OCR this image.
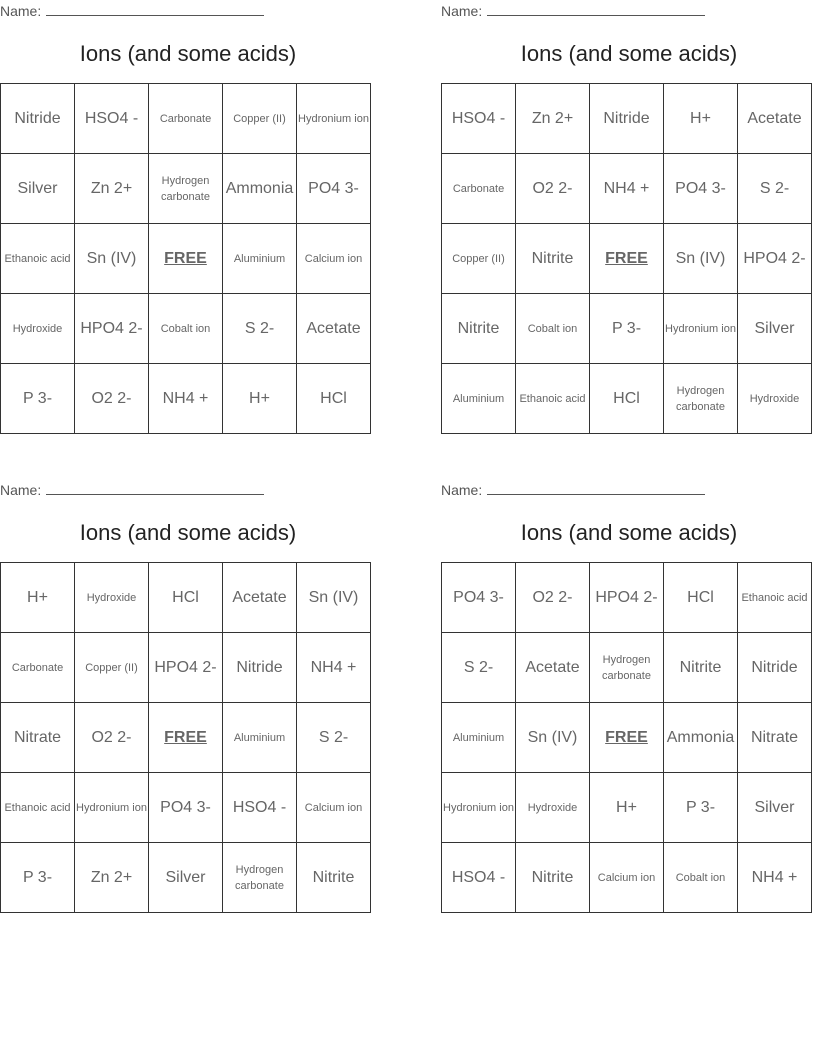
Name:
Ions (and some acids)
Nitride	HSO4 -	Carbonate	Copper (II)	Hydronium ion
Silver	Zn 2+	Hydrogen carbonate	Ammonia	PO4 3-
Ethanoic acid	Sn (IV)	FREE	Aluminium	Calcium ion
Hydroxide	HPO4 2-	Cobalt ion	S 2-	Acetate
P 3-	O2 2-	NH4 +	H+	HCl
Name:
Ions (and some acids)
HSO4 -	Zn 2+	Nitride	H+	Acetate
Carbonate	O2 2-	NH4 +	PO4 3-	S 2-
Copper (II)	Nitrite	FREE	Sn (IV)	HPO4 2-
Nitrite	Cobalt ion	P 3-	Hydronium ion	Silver
Aluminium	Ethanoic acid	HCl	Hydrogen carbonate	Hydroxide
Name:
Ions (and some acids)
H+	Hydroxide	HCl	Acetate	Sn (IV)
Carbonate	Copper (II)	HPO4 2-	Nitride	NH4 +
Nitrate	O2 2-	FREE	Aluminium	S 2-
Ethanoic acid	Hydronium ion	PO4 3-	HSO4 -	Calcium ion
P 3-	Zn 2+	Silver	Hydrogen carbonate	Nitrite
Name:
Ions (and some acids)
PO4 3-	O2 2-	HPO4 2-	HCl	Ethanoic acid
S 2-	Acetate	Hydrogen carbonate	Nitrite	Nitride
Aluminium	Sn (IV)	FREE	Ammonia	Nitrate
Hydronium ion	Hydroxide	H+	P 3-	Silver
HSO4 -	Nitrite	Calcium ion	Cobalt ion	NH4 +
